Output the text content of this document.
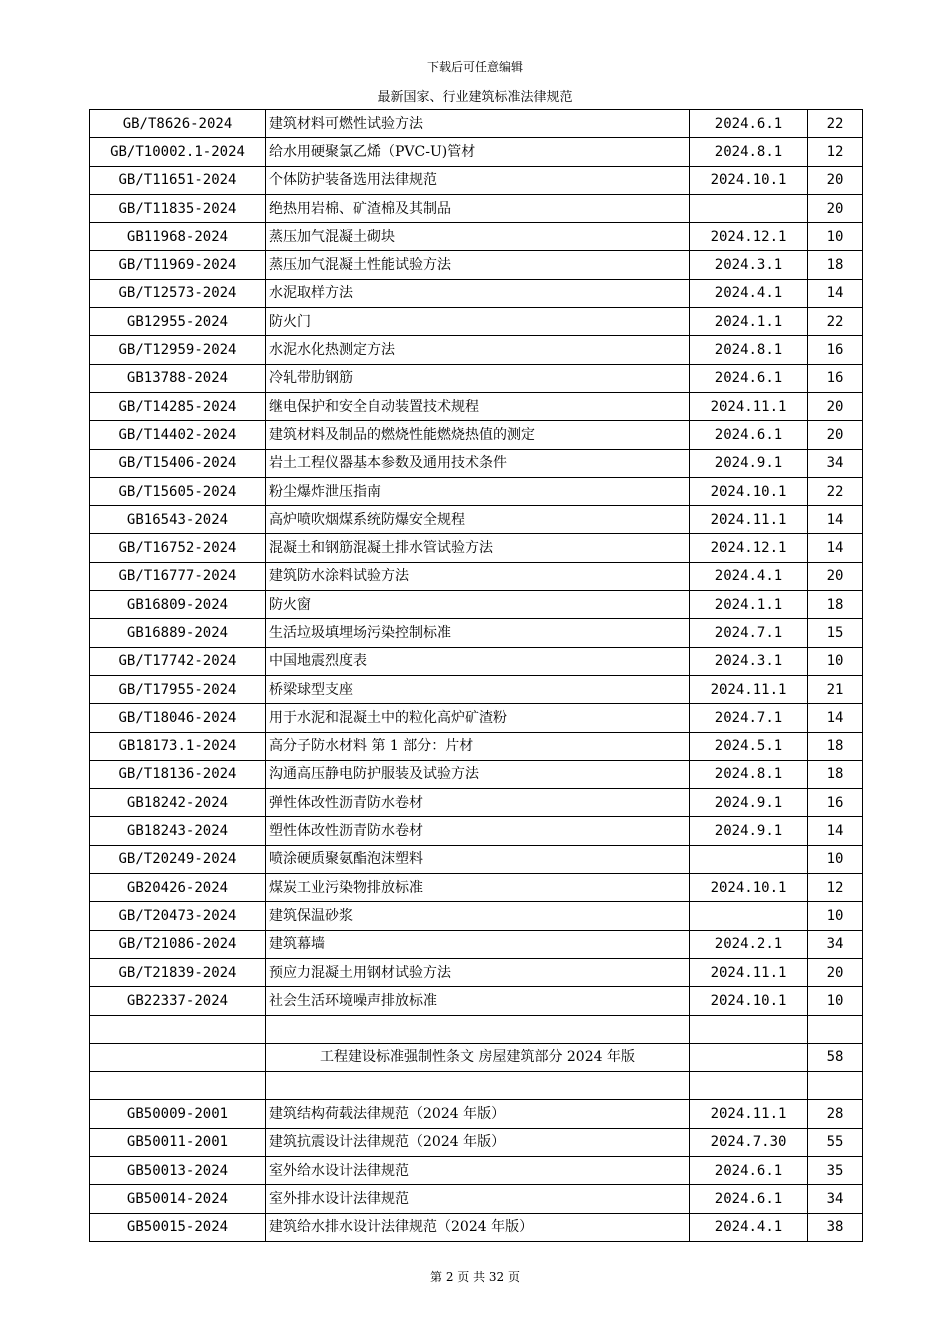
下载后可任意编辑
最新国家、行业建筑标准法律规范
GB/T8626-2024	建筑材料可燃性试验方法	2024.6.1	22
GB/T10002.1-2024	给水用硬聚氯乙烯（PVC-U)管材	2024.8.1	12
GB/T11651-2024	个体防护装备选用法律规范	2024.10.1	20
GB/T11835-2024	绝热用岩棉、矿渣棉及其制品		20
GB11968-2024	蒸压加气混凝土砌块	2024.12.1	10
GB/T11969-2024	蒸压加气混凝土性能试验方法	2024.3.1	18
GB/T12573-2024	水泥取样方法	2024.4.1	14
GB12955-2024	防火门	2024.1.1	22
GB/T12959-2024	水泥水化热测定方法	2024.8.1	16
GB13788-2024	冷轧带肋钢筋	2024.6.1	16
GB/T14285-2024	继电保护和安全自动装置技术规程	2024.11.1	20
GB/T14402-2024	建筑材料及制品的燃烧性能燃烧热值的测定	2024.6.1	20
GB/T15406-2024	岩土工程仪器基本参数及通用技术条件	2024.9.1	34
GB/T15605-2024	粉尘爆炸泄压指南	2024.10.1	22
GB16543-2024	高炉喷吹烟煤系统防爆安全规程	2024.11.1	14
GB/T16752-2024	混凝土和钢筋混凝土排水管试验方法	2024.12.1	14
GB/T16777-2024	建筑防水涂料试验方法	2024.4.1	20
GB16809-2024	防火窗	2024.1.1	18
GB16889-2024	生活垃圾填埋场污染控制标准	2024.7.1	15
GB/T17742-2024	中国地震烈度表	2024.3.1	10
GB/T17955-2024	桥梁球型支座	2024.11.1	21
GB/T18046-2024	用于水泥和混凝土中的粒化高炉矿渣粉	2024.7.1	14
GB18173.1-2024	高分子防水材料 第 1 部分：片材	2024.5.1	18
GB/T18136-2024	沟通高压静电防护服装及试验方法	2024.8.1	18
GB18242-2024	弹性体改性沥青防水卷材	2024.9.1	16
GB18243-2024	塑性体改性沥青防水卷材	2024.9.1	14
GB/T20249-2024	喷涂硬质聚氨酯泡沫塑料		10
GB20426-2024	煤炭工业污染物排放标准	2024.10.1	12
GB/T20473-2024	建筑保温砂浆		10
GB/T21086-2024	建筑幕墙	2024.2.1	34
GB/T21839-2024	预应力混凝土用钢材试验方法	2024.11.1	20
GB22337-2024	社会生活环境噪声排放标准	2024.10.1	10

	工程建设标准强制性条文 房屋建筑部分 2024 年版		58

GB50009-2001	建筑结构荷载法律规范（2024 年版）	2024.11.1	28
GB50011-2001	建筑抗震设计法律规范（2024 年版）	2024.7.30	55
GB50013-2024	室外给水设计法律规范	2024.6.1	35
GB50014-2024	室外排水设计法律规范	2024.6.1	34
GB50015-2024	建筑给水排水设计法律规范（2024 年版）	2024.4.1	38
第 2 页 共 32 页
